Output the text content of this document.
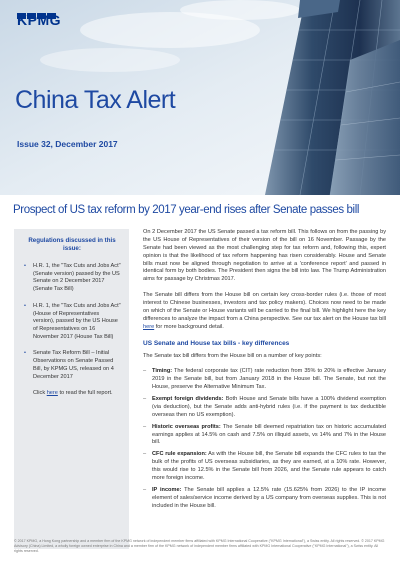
KPMG
China Tax Alert
Issue 32, December 2017
Prospect of US tax reform by 2017 year-end rises after Senate passes bill
Regulations discussed in this issue:
• H.R. 1, the "Tax Cuts and Jobs Act" (Senate version) passed by the US Senate on 2 December 2017 (Senate Tax Bill)
• H.R. 1, the "Tax Cuts and Jobs Act" (House of Representatives version), passed by the US House of Representatives on 16 November 2017 (House Tax Bill)
• Senate Tax Reform Bill – Initial Observations on Senate Passed Bill, by KPMG US, released on 4 December 2017
Click here to read the full report.

On 2 December 2017 the US Senate passed a tax reform bill. This follows on from the passing by the US House of Representatives of their version of the bill on 16 November. Passage by the Senate had been viewed as the most challenging step for tax reform and, following this, expert opinion is that the likelihood of tax reform happening has risen considerably. House and Senate bills must now be aligned through negotiation to arrive at a 'conference report' and passed in identical form by both bodies. The President then signs the bill into law. The Trump Administration aims for passage by Christmas 2017.

The Senate bill differs from the House bill on certain key cross-border rules (i.e. those of most interest to Chinese businesses, investors and tax policy makers). Choices now need to be made on which of the Senate or House variants will be carried to the final bill. We highlight here the key differences to analyze the impact from a China perspective. See our tax alert on the House tax bill here for more background detail.

US Senate and House tax bills - key differences

The Senate tax bill differs from the House bill on a number of key points:

– Timing: The federal corporate tax (CIT) rate reduction from 35% to 20% is effective January 2019 in the Senate bill, but from January 2018 in the House bill. The Senate, but not the House, preserve the Alternative Minimum Tax.
– Exempt foreign dividends: Both House and Senate bills have a 100% dividend exemption (via deduction), but the Senate adds anti-hybrid rules (i.e. if the payment is tax deductible overseas then no US exemption).
– Historic overseas profits: The Senate bill deemed repatriation tax on historic accumulated earnings applies at 14.5% on cash and 7.5% on illiquid assets, vs 14% and 7% in the House bill.
– CFC rule expansion: As with the House bill, the Senate bill expands the CFC rules to tax the bulk of the profits of US overseas subsidiaries, as they are earned, at a 10% rate. However, this would rise to 12.5% in the Senate bill from 2026, and the Senate rule appears to catch more foreign income.
– IP income: The Senate bill applies a 12.5% rate (15.625% from 2026) to the IP income element of sales/service income derived by a US company from overseas supplies. This is not included in the House bill.
© 2017 KPMG, a Hong Kong partnership and a member firm of the KPMG network of independent member firms affiliated with KPMG International Cooperative ("KPMG International"), a Swiss entity. All rights reserved. © 2017 KPMG Advisory (China) Limited, a wholly foreign owned enterprise in China and a member firm of the KPMG network of independent member firms affiliated with KPMG International Cooperative ("KPMG International"), a Swiss entity. All rights reserved.
